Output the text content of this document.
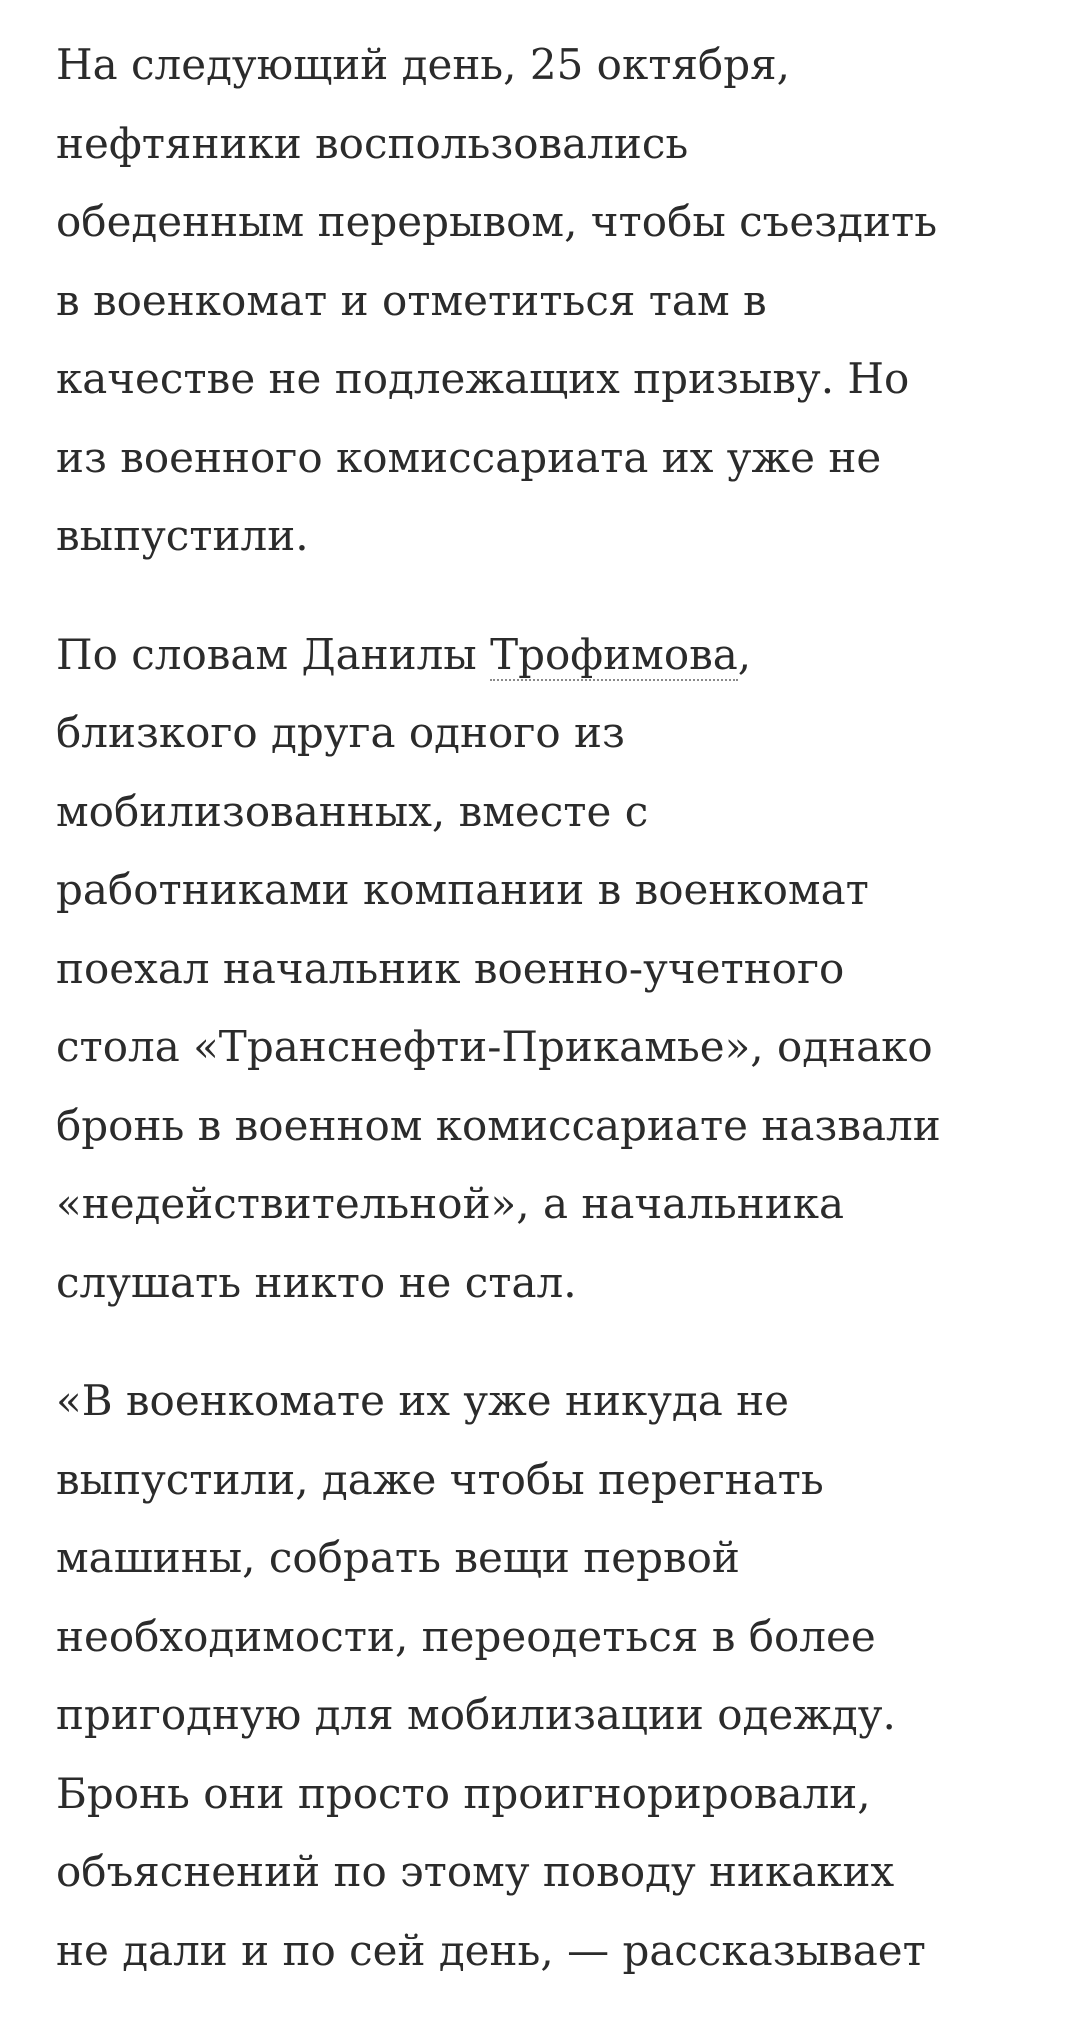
На следующий день, 25 октября,
нефтяники воспользовались
обеденным перерывом, чтобы съездить
в военкомат и отметиться там в
качестве не подлежащих призыву. Но
из военного комиссариата их уже не
выпустили.

По словам Данилы Трофимова,
близкого друга одного из
мобилизованных, вместе с
работниками компании в военкомат
поехал начальник военно-учетного
стола «Транснефти-Прикамье», однако
бронь в военном комиссариате назвали
«недействительной», а начальника
слушать никто не стал.

«В военкомате их уже никуда не
выпустили, даже чтобы перегнать
машины, собрать вещи первой
необходимости, переодеться в более
пригодную для мобилизации одежду.
Бронь они просто проигнорировали,
объяснений по этому поводу никаких
не дали и по сей день, — рассказывает
